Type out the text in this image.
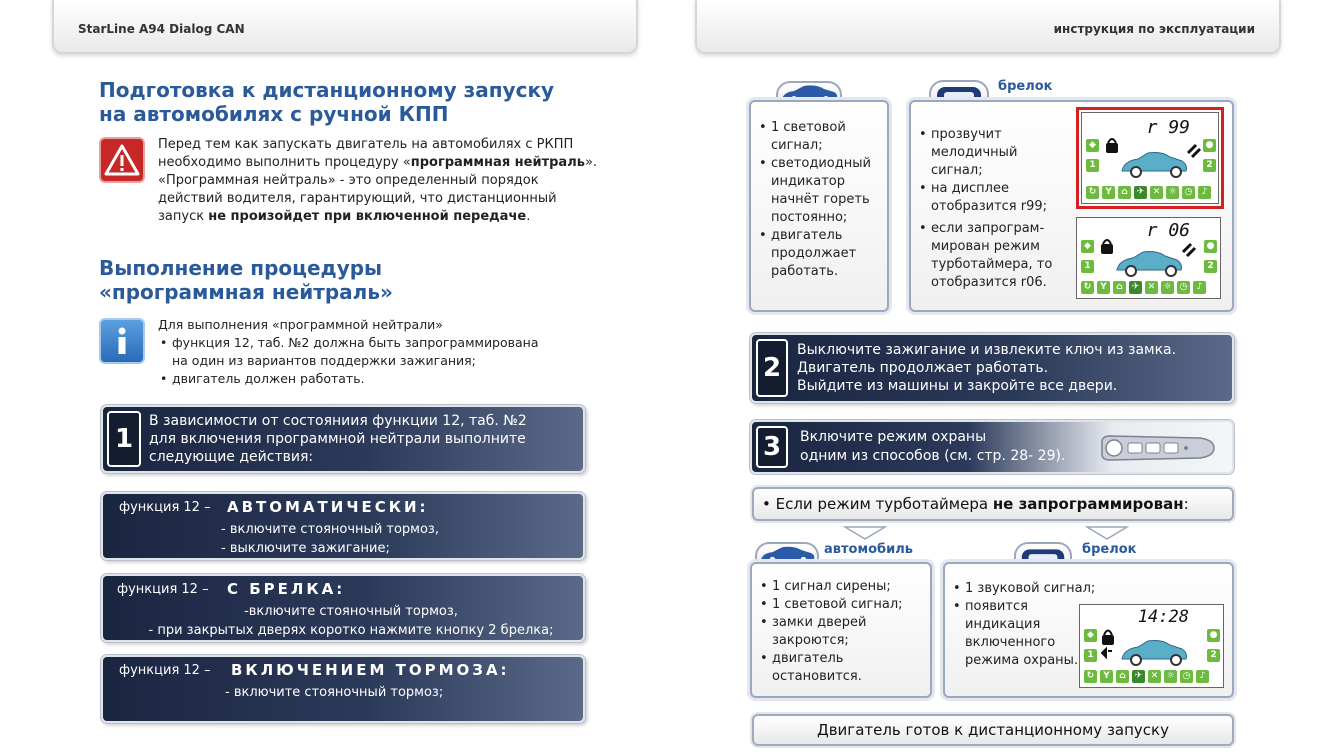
StarLine A94 Dialog CAN	инструкция по эксплуатации
Подготовка к дистанционному запуску
на автомобилях с ручной КПП
Перед тем как запускать двигатель на автомобилях с РКПП
необходимо выполнить процедуру «программная нейтраль».
«Программная нейтраль» - это определенный порядок
действий водителя, гарантирующий, что дистанционный
запуск не произойдет при включенной передаче.
Выполнение процедуры
«программная нейтраль»
Для выполнения «программной нейтрали»
• функция 12, таб. №2 должна быть запрограммирована
на один из вариантов поддержки зажигания;
• двигатель должен работать.
1
В зависимости от состояниия функции 12, таб. №2
для включения программной нейтрали выполните
следующие действия:
функция 12 – АВТОМАТИЧЕСКИ:
- включите стояночный тормоз,
- выключите зажигание;
функция 12 – С БРЕЛКА:
-включите стояночный тормоз,
- при закрытых дверях коротко нажмите кнопку 2 брелка;
функция 12 – ВКЛЮЧЕНИЕМ ТОРМОЗА:
- включите стояночный тормоз;
• 1 световой сигнал;
• светодиодный индикатор начнёт гореть постоянно;
• двигатель продолжает работать.
брелок
• прозвучит мелодичный сигнал;
• на дисплее отобразится r99;
• если запрограм-мирован режим турботаймера, то отобразится r06.
r 99
◆
1
●
2
↻ Y	⌂	✈ ✕ ☼ ◷	♪
r 06
◆
1
●
2
↻ Y	⌂	✈ ✕ ☼ ◷	♪
2
Выключите зажигание и извлеките ключ из замка.
Двигатель продолжает работать.
Выйдите из машины и закройте все двери.
3	Включите режим охраны
одним из способов (см. стр. 28- 29).
• Если режим турботаймера не запрограммирован :
автомобиль
• 1 сигнал сирены;
• 1 световой сигнал;
• замки дверей закроются;
• двигатель остановится.
брелок
• 1 звуковой сигнал;
• появится индикация включенного режима охраны.
14:28
◆
1
●
2
↻ Y	⌂	✈ ✕ ☼ ◷	♪
Двигатель готов к дистанционному запуску
